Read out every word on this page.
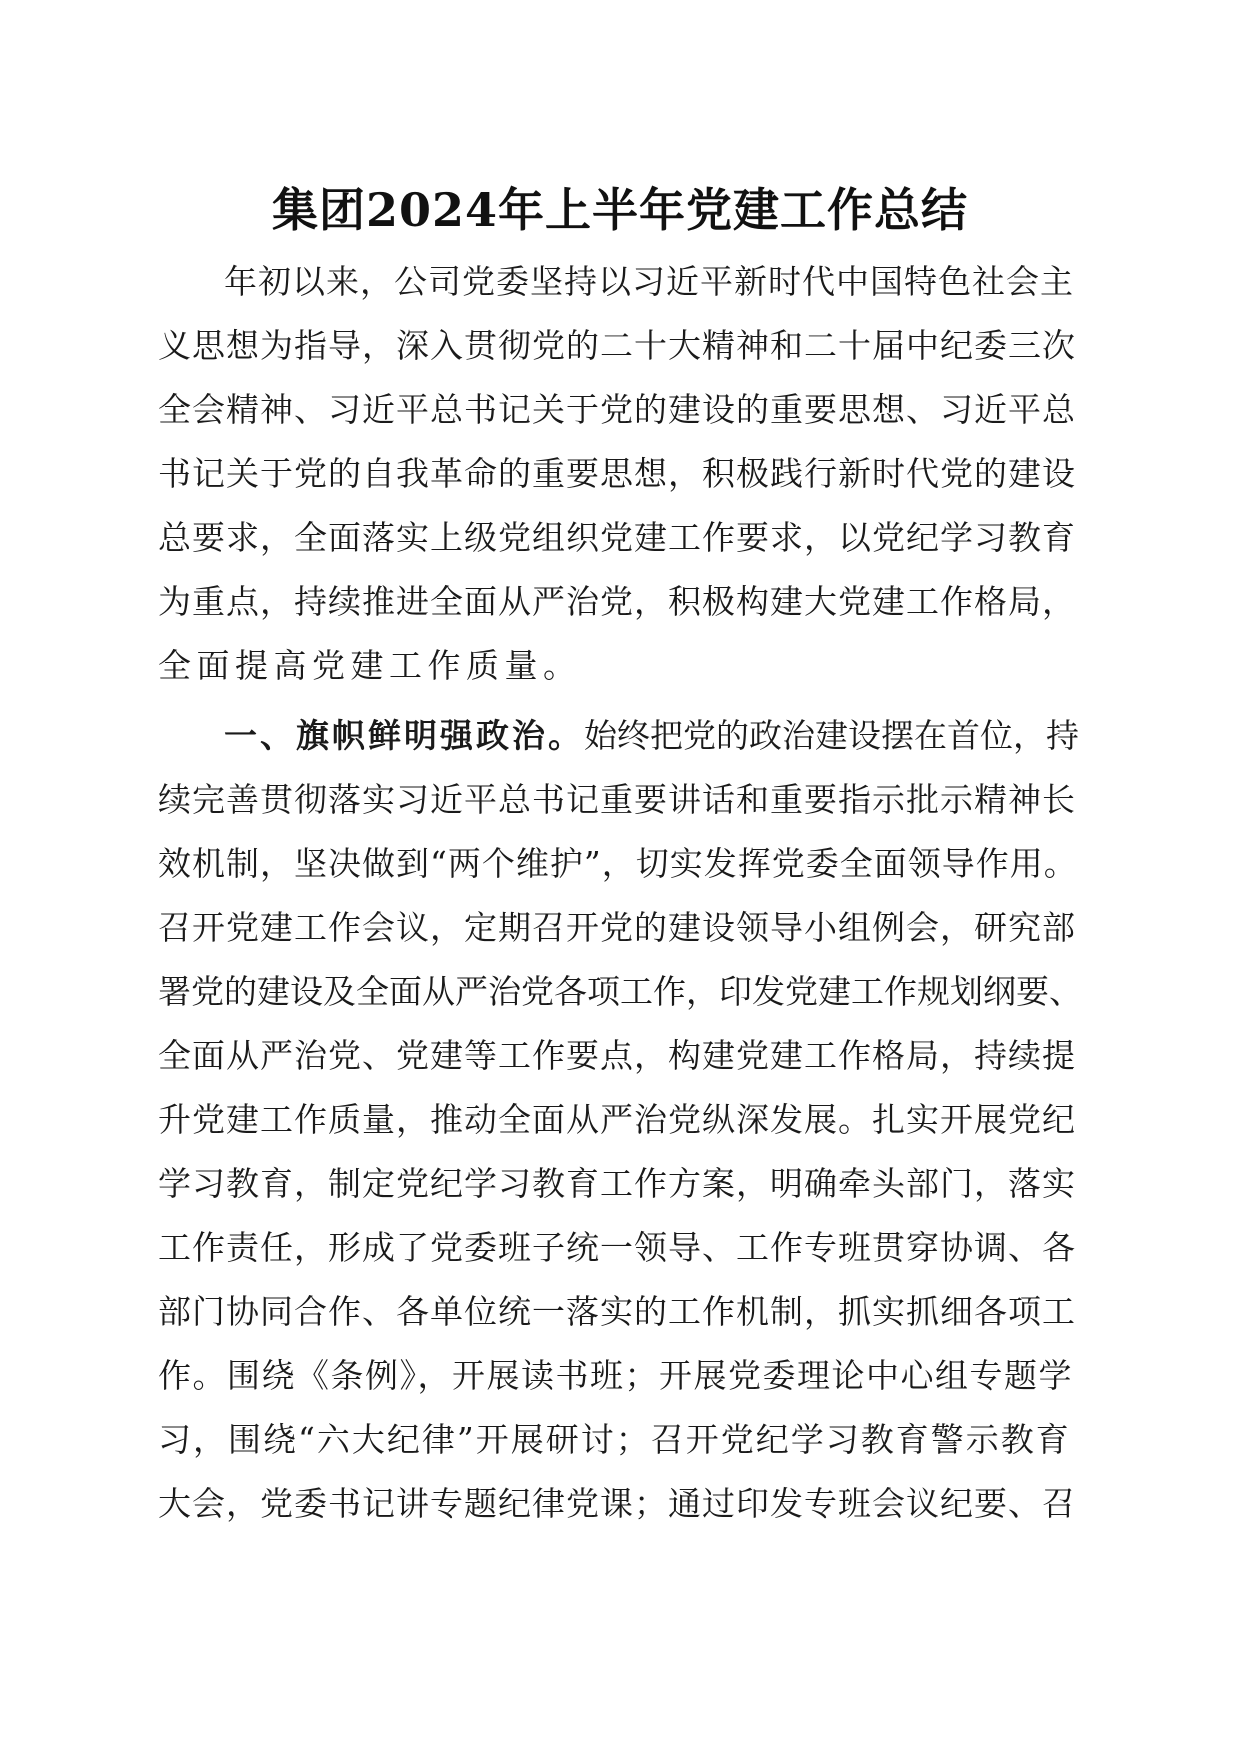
集团2024年上半年党建工作总结
年初以来，公司党委坚持以习近平新时代中国特色社会主
义思想为指导，深入贯彻党的二十大精神和二十届中纪委三次
全会精神、习近平总书记关于党的建设的重要思想、习近平总
书记关于党的自我革命的重要思想，积极践行新时代党的建设
总要求，全面落实上级党组织党建工作要求，以党纪学习教育
为重点，持续推进全面从严治党，积极构建大党建工作格局，
全面提高党建工作质量。
一、旗帜鲜明强政治。始终把党的政治建设摆在首位，持
续完善贯彻落实习近平总书记重要讲话和重要指示批示精神长
效机制，坚决做到“两个维护”，切实发挥党委全面领导作用。
召开党建工作会议，定期召开党的建设领导小组例会，研究部
署党的建设及全面从严治党各项工作，印发党建工作规划纲要、
全面从严治党、党建等工作要点，构建党建工作格局，持续提
升党建工作质量，推动全面从严治党纵深发展。扎实开展党纪
学习教育，制定党纪学习教育工作方案，明确牵头部门，落实
工作责任，形成了党委班子统一领导、工作专班贯穿协调、各
部门协同合作、各单位统一落实的工作机制，抓实抓细各项工
作。围绕《条例》，开展读书班；开展党委理论中心组专题学
习，围绕“六大纪律”开展研讨；召开党纪学习教育警示教育
大会，党委书记讲专题纪律党课；通过印发专班会议纪要、召
